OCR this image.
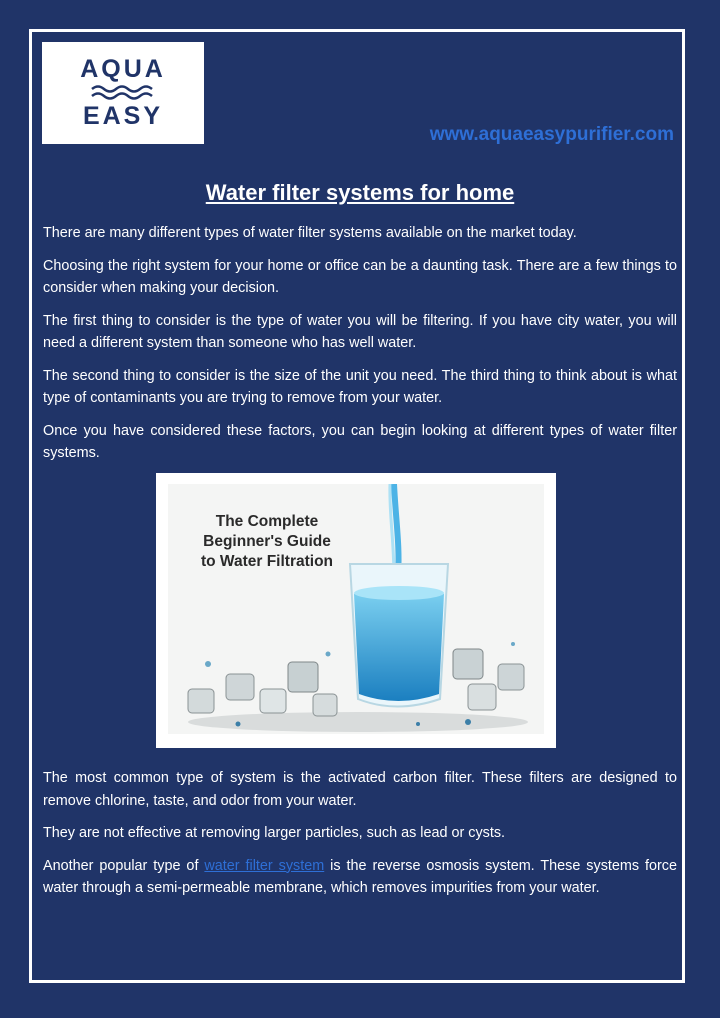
AQUA
EASY
www.aquaeasypurifier.com
Water filter systems for home

There are many different types of water filter systems available on the market today.

Choosing the right system for your home or office can be a daunting task. There are a few things to consider when making your decision.

The first thing to consider is the type of water you will be filtering. If you have city water, you will need a different system than someone who has well water.

The second thing to consider is the size of the unit you need. The third thing to think about is what type of contaminants you are trying to remove from your water.

Once you have considered these factors, you can begin looking at different types of water filter systems.

The Complete
Beginner's Guide
to Water Filtration

The most common type of system is the activated carbon filter. These filters are designed to remove chlorine, taste, and odor from your water.

They are not effective at removing larger particles, such as lead or cysts.

Another popular type of water filter system is the reverse osmosis system. These systems force water through a semi-permeable membrane, which removes impurities from your water.
